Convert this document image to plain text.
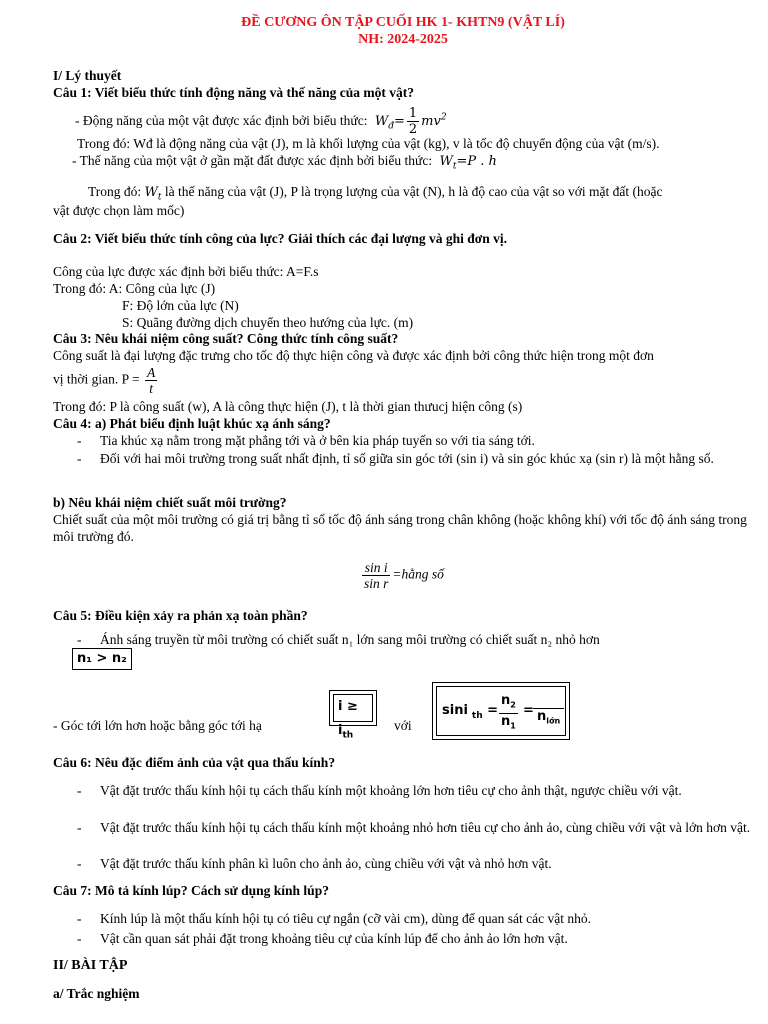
ĐỀ CƯƠNG ÔN TẬP CUỐI HK 1- KHTN9 (VẬT LÍ)
NH: 2024-2025
I/ Lý thuyết
Câu 1: Viết biểu thức tính động năng và thế năng của một vật?
- Động năng của một vật được xác định bởi biểu thức: $W_đ= \frac{1}{2} mv^2$
Trong đó: Wđ là động năng của vật (J), m là khối lượng của vật (kg), v là tốc độ chuyển động của vật (m/s).
- Thế năng của một vật ở gần mặt đất được xác định bởi biểu thức: $W_t=P$ . h
Trong đó: $W_t$ là thế năng của vật (J), P là trọng lượng của vật (N), h là độ cao của vật so với mặt đất (hoặc
vật được chọn làm mốc)
Câu 2: Viết biểu thức tính công của lực? Giải thích các đại lượng và ghi đơn vị.
Công của lực được xác định bởi biểu thức: A=F.s
Trong đó: A: Công của lực (J)
F: Độ lớn của lực (N)
S: Quãng đường dịch chuyển theo hướng của lực. (m)
Câu 3: Nêu khái niệm công suất? Công thức tính công suất?
Công suất là đại lượng đặc trưng cho tốc độ thực hiện công và được xác định bởi công thức hiện trong một đơn
vị thời gian. $P = \frac{A}{t}$
Trong đó: P là công suất (w), A là công thực hiện (J), t là thời gian thưucj hiện công (s)
Câu 4: a) Phát biểu định luật khúc xạ ánh sáng?
- Tia khúc xạ nằm trong mặt phẳng tới và ở bên kia pháp tuyến so với tia sáng tới.
- Đối với hai môi trường trong suất nhất định, tỉ số giữa sin góc tới (sin i) và sin góc khúc xạ (sin r) là một hằng số.
b) Nêu khái niệm chiết suất môi trường?
Chiết suất của một môi trường có giá trị bằng tỉ số tốc độ ánh sáng trong chân không (hoặc không khí) với tốc độ ánh sáng trong môi trường đó.
$\frac{\text{sin i}}{\text{sin r}}$ =hằng số
Câu 5: Điều kiện xảy ra phản xạ toàn phần?
- Ánh sáng truyền từ môi trường có chiết suất n₁ lớn sang môi trường có chiết suất n₂ nhỏ hơn
n₁ > n₂
- Góc tới lớn hơn hoặc bằng góc tới hạ
$i \ge i_{th}$
với
sini $_{th} = \frac{n_2}{n_1}$ =
$n_{lớn}$
Câu 6: Nêu đặc điểm ảnh của vật qua thấu kính?
- Vật đặt trước thấu kính hội tụ cách thấu kính một khoảng lớn hơn tiêu cự cho ảnh thật, ngược chiều với vật.
- Vật đặt trước thấu kính hội tụ cách thấu kính một khoảng nhỏ hơn tiêu cự cho ảnh ảo, cùng chiều với vật và lớn hơn vật.
- Vật đặt trước thấu kính phân kì luôn cho ảnh ảo, cùng chiều với vật và nhỏ hơn vật.
Câu 7: Mô tả kính lúp? Cách sử dụng kính lúp?
- Kính lúp là một thấu kính hội tụ có tiêu cự ngắn (cỡ vài cm), dùng để quan sát các vật nhỏ.
- Vật cần quan sát phải đặt trong khoảng tiêu cự của kính lúp để cho ảnh ảo lớn hơn vật.
II/ BÀI TẬP
a/ Trắc nghiệm
